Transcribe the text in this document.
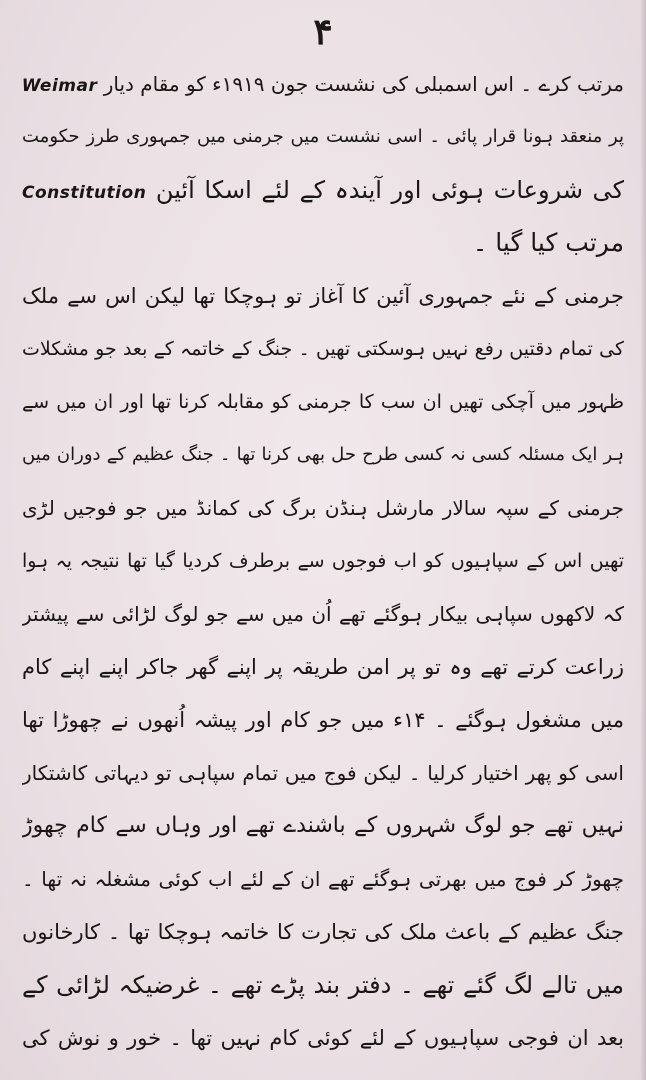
۴
مرتب کرے ۔ اس اسمبلی کی نشست جون ۱۹۱۹ء کو مقام دیار Weimar
پر منعقد ہونا قرار پائی ۔ اسی نشست میں جرمنی میں جمہوری طرز حکومت
کی شروعات ہوئی اور آیندہ کے لئے اسکا آئین Constitution
مرتب کیا گیا ۔
جرمنی کے نئے جمہوری آئین کا آغاز تو ہوچکا تھا لیکن اس سے ملک
کی تمام دقتیں رفع نہیں ہوسکتی تھیں ۔ جنگ کے خاتمہ کے بعد جو مشکلات
ظہور میں آچکی تھیں ان سب کا جرمنی کو مقابلہ کرنا تھا اور ان میں سے
ہر ایک مسئلہ کسی نہ کسی طرح حل بھی کرنا تھا ۔ جنگ عظیم کے دوران میں
جرمنی کے سپہ سالار مارشل ہنڈن برگ کی کمانڈ میں جو فوجیں لڑی
تھیں اس کے سپاہیوں کو اب فوجوں سے برطرف کردیا گیا تھا نتیجہ یہ ہوا
کہ لاکھوں سپاہی بیکار ہوگئے تھے اُن میں سے جو لوگ لڑائی سے پیشتر
زراعت کرتے تھے وہ تو پر امن طریقہ پر اپنے گھر جاکر اپنے اپنے کام
میں مشغول ہوگئے ۔ ۱۴ء میں جو کام اور پیشہ اُنھوں نے چھوڑا تھا
اسی کو پھر اختیار کرلیا ۔ لیکن فوج میں تمام سپاہی تو دیہاتی کاشتکار
نہیں تھے جو لوگ شہروں کے باشندے تھے اور وہاں سے کام چھوڑ
چھوڑ کر فوج میں بھرتی ہوگئے تھے ان کے لئے اب کوئی مشغلہ نہ تھا ۔
جنگ عظیم کے باعث ملک کی تجارت کا خاتمہ ہوچکا تھا ۔ کارخانوں
میں تالے لگ گئے تھے ۔ دفتر بند پڑے تھے ۔ غرضیکہ لڑائی کے
بعد ان فوجی سپاہیوں کے لئے کوئی کام نہیں تھا ۔ خور و نوش کی
